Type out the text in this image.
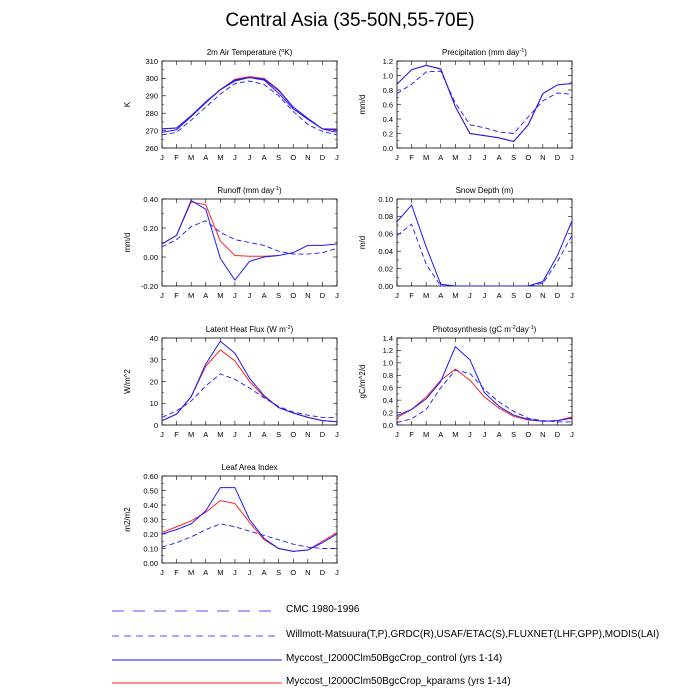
Central Asia (35-50N,55-70E)
2m Air Temperature ($^o$K)
260
270
280
290
300
310
J F M A M J J A S O N D J
K
Precipitation (mm day$^{-1}$)
0.0
0.2
0.4
0.6
0.8
1.0
1.2
J F M A M J J A S O N D J
mm/d
Runoff (mm day$^{-1}$)
-0.20
0.00
0.20
0.40
J F M A M J J A S O N D J
mm/d
Snow Depth (m)
0.00
0.02
0.04
0.06
0.08
0.10
J F M A M J J A S O N D J
m/d
Latent Heat Flux (W $m^{-2}$)
0
10
20
30
40
J F M A M J J A S O N D J
W/m^2
Photosynthesis (gC $m^{-2}day^{-1}$)
0.0
0.2
0.4
0.6
0.8
1.0
1.2
1.4
J F M A M J J A S O N D J
gC/m^2/d
Leaf Area Index
0.00
0.10
0.20
0.30
0.40
0.50
0.60
J F M A M J J A S O N D J
m2/m2
CMC 1980-1996
Willmott-Matsuura(T,P),GRDC(R),USAF/ETAC(S),FLUXNET(LHF,GPP),MODIS(LAI)
Myccost_I2000Clm50BgcCrop_control (yrs 1-14)
Myccost_I2000Clm50BgcCrop_kparams (yrs 1-14)
